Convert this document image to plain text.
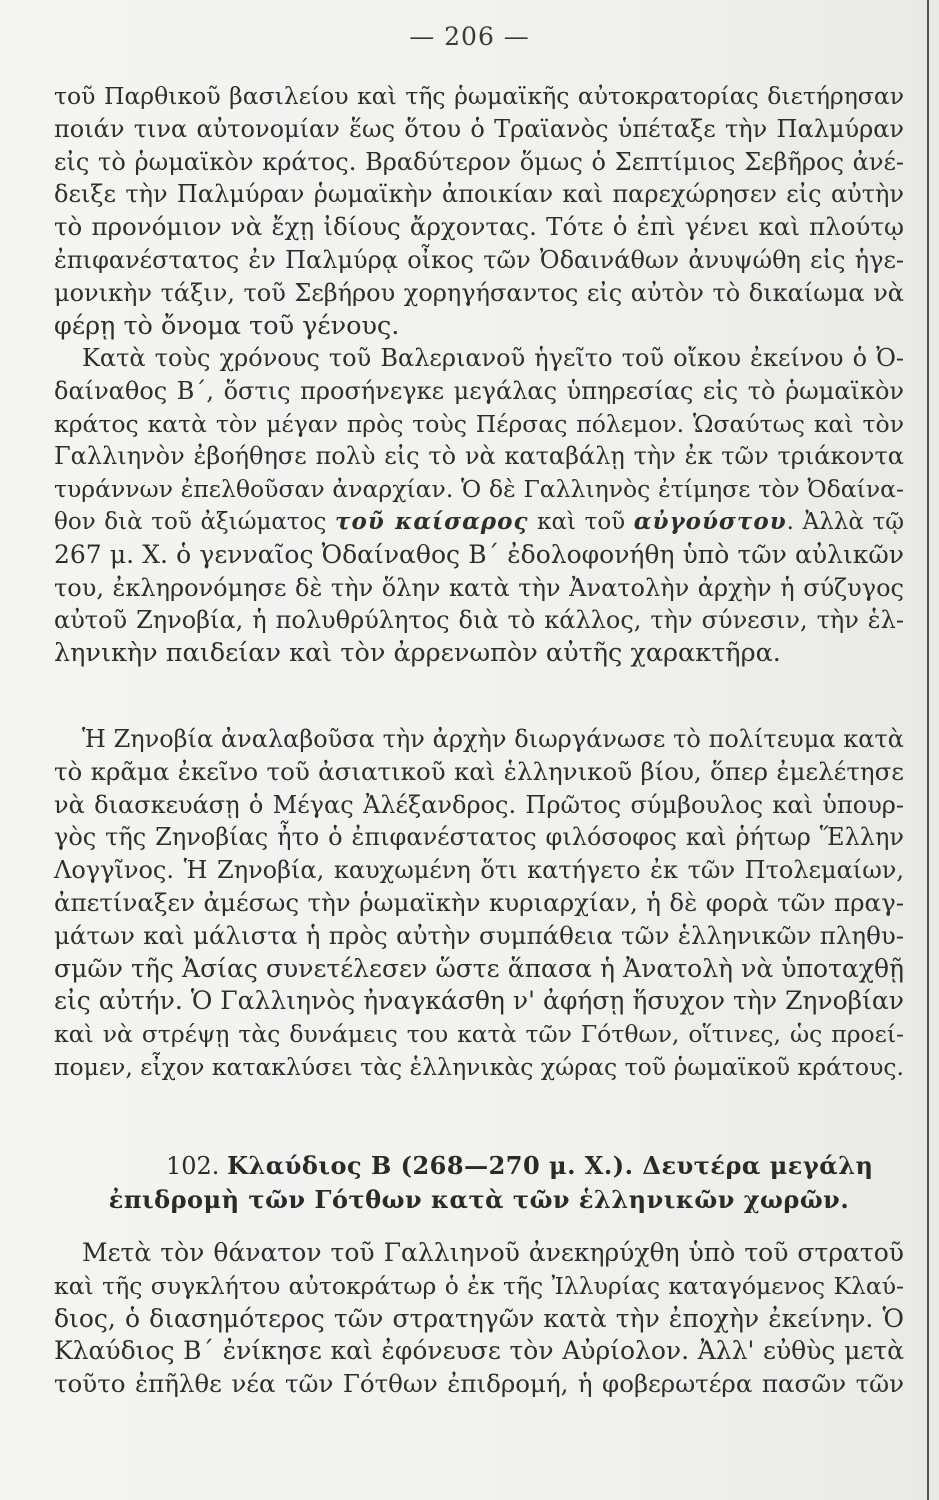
— 206 —
τοῦ Παρθικοῦ βασιλείου καὶ τῆς ῥωμαϊκῆς αὐτοκρατορίας διετήρησαν
ποιάν τινα αὐτονομίαν ἕως ὅτου ὁ Τραϊανὸς ὑπέταξε τὴν Παλμύραν
εἰς τὸ ῥωμαϊκὸν κράτος. Βραδύτερον ὅμως ὁ Σεπτίμιος Σεβῆρος ἀνέ-
δειξε τὴν Παλμύραν ῥωμαϊκὴν ἀποικίαν καὶ παρεχώρησεν εἰς αὐτὴν
τὸ προνόμιον νὰ ἔχῃ ἰδίους ἄρχοντας. Τότε ὁ ἐπὶ γένει καὶ πλούτῳ
ἐπιφανέστατος ἐν Παλμύρᾳ οἶκος τῶν Ὀδαινάθων ἀνυψώθη εἰς ἡγε-
μονικὴν τάξιν, τοῦ Σεβήρου χορηγήσαντος εἰς αὐτὸν τὸ δικαίωμα νὰ
φέρῃ τὸ ὄνομα τοῦ γένους.
Κατὰ τοὺς χρόνους τοῦ Βαλεριανοῦ ἡγεῖτο τοῦ οἴκου ἐκείνου ὁ Ὀ-
δαίναθος Β΄, ὅστις προσήνεγκε μεγάλας ὑπηρεσίας εἰς τὸ ῥωμαϊκὸν
κράτος κατὰ τὸν μέγαν πρὸς τοὺς Πέρσας πόλεμον. Ὡσαύτως καὶ τὸν
Γαλλιηνὸν ἐβοήθησε πολὺ εἰς τὸ νὰ καταβάλῃ τὴν ἐκ τῶν τριάκοντα
τυράννων ἐπελθοῦσαν ἀναρχίαν. Ὁ δὲ Γαλλιηνὸς ἐτίμησε τὸν Ὀδαίνα-
θον διὰ τοῦ ἀξιώματος τοῦ καίσαρος καὶ τοῦ αὐγούστου. Ἀλλὰ τῷ
267 μ. Χ. ὁ γενναῖος Ὀδαίναθος Β΄ ἐδολοφονήθη ὑπὸ τῶν αὐλικῶν
του, ἐκληρονόμησε δὲ τὴν ὅλην κατὰ τὴν Ἀνατολὴν ἀρχὴν ἡ σύζυγος
αὐτοῦ Ζηνοβία, ἡ πολυθρύλητος διὰ τὸ κάλλος, τὴν σύνεσιν, τὴν ἑλ-
ληνικὴν παιδείαν καὶ τὸν ἀρρενωπὸν αὐτῆς χαρακτῆρα.
Ἡ Ζηνοβία ἀναλαβοῦσα τὴν ἀρχὴν διωργάνωσε τὸ πολίτευμα κατὰ
τὸ κρᾶμα ἐκεῖνο τοῦ ἀσιατικοῦ καὶ ἑλληνικοῦ βίου, ὅπερ ἐμελέτησε
νὰ διασκευάσῃ ὁ Μέγας Ἀλέξανδρος. Πρῶτος σύμβουλος καὶ ὑπουρ-
γὸς τῆς Ζηνοβίας ἦτο ὁ ἐπιφανέστατος φιλόσοφος καὶ ῥήτωρ Ἕλλην
Λογγῖνος. Ἡ Ζηνοβία, καυχωμένη ὅτι κατήγετο ἐκ τῶν Πτολεμαίων,
ἀπετίναξεν ἀμέσως τὴν ῥωμαϊκὴν κυριαρχίαν, ἡ δὲ φορὰ τῶν πραγ-
μάτων καὶ μάλιστα ἡ πρὸς αὐτὴν συμπάθεια τῶν ἑλληνικῶν πληθυ-
σμῶν τῆς Ἀσίας συνετέλεσεν ὥστε ἅπασα ἡ Ἀνατολὴ νὰ ὑποταχθῇ
εἰς αὐτήν. Ὁ Γαλλιηνὸς ἠναγκάσθη ν' ἀφήσῃ ἥσυχον τὴν Ζηνοβίαν
καὶ νὰ στρέψῃ τὰς δυνάμεις του κατὰ τῶν Γότθων, οἵτινες, ὡς προεί-
πομεν, εἶχον κατακλύσει τὰς ἑλληνικὰς χώρας τοῦ ῥωμαϊκοῦ κράτους.
102. Κλαύδιος Β (268—270 μ. Χ.). Δευτέρα μεγάλη
ἐπιδρομὴ τῶν Γότθων κατὰ τῶν ἑλληνικῶν χωρῶν.
Μετὰ τὸν θάνατον τοῦ Γαλλιηνοῦ ἀνεκηρύχθη ὑπὸ τοῦ στρατοῦ
καὶ τῆς συγκλήτου αὐτοκράτωρ ὁ ἐκ τῆς Ἰλλυρίας καταγόμενος Κλαύ-
διος, ὁ διασημότερος τῶν στρατηγῶν κατὰ τὴν ἐποχὴν ἐκείνην. Ὁ
Κλαύδιος Β΄ ἐνίκησε καὶ ἐφόνευσε τὸν Αὐρίολον. Ἀλλ' εὐθὺς μετὰ
τοῦτο ἐπῆλθε νέα τῶν Γότθων ἐπιδρομή, ἡ φοβερωτέρα πασῶν τῶν
